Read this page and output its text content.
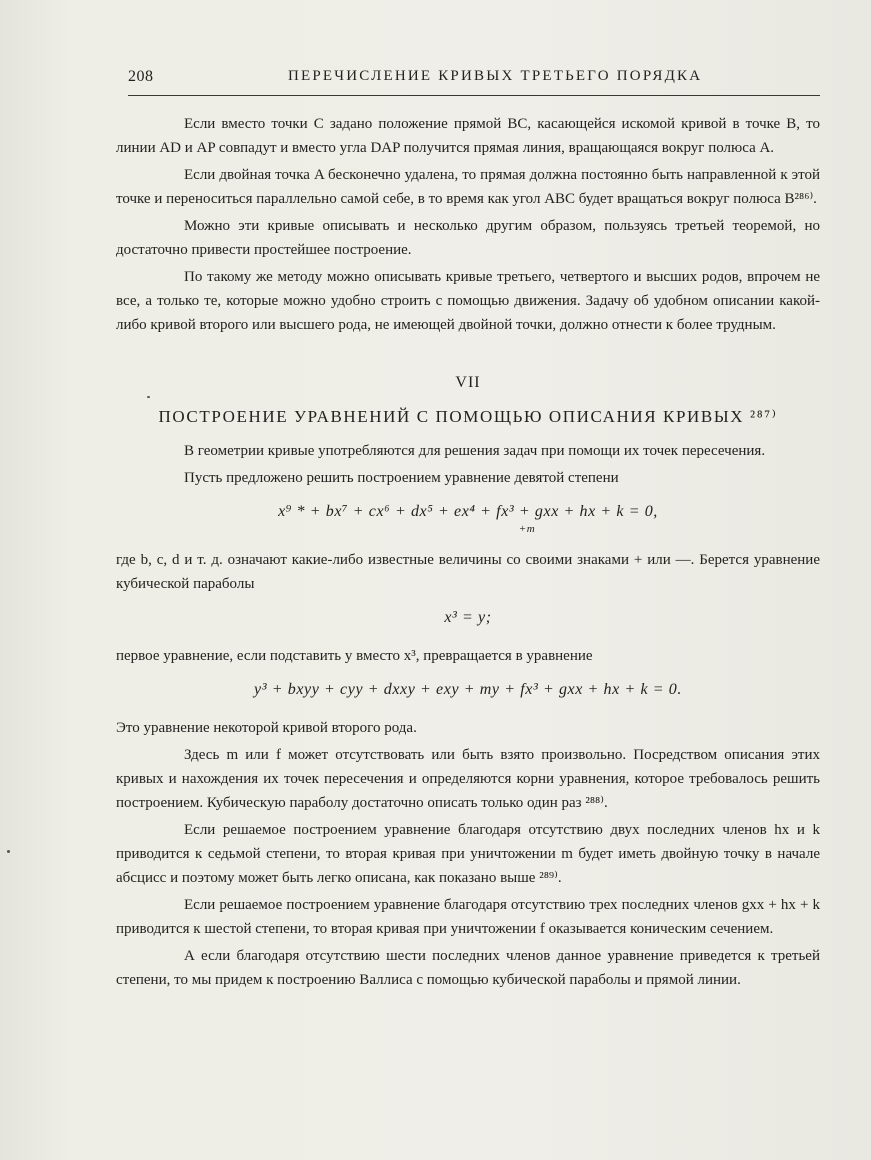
208	ПЕРЕЧИСЛЕНИЕ КРИВЫХ ТРЕТЬЕГО ПОРЯДКА

Если вместо точки C задано положение прямой BC, касающейся искомой кривой в точке B, то линии AD и AP совпадут и вместо угла DAP получится прямая линия, вращающаяся вокруг полюса A.

Если двойная точка A бесконечно удалена, то прямая должна постоянно быть направленной к этой точке и переноситься параллельно самой себе, в то время как угол ABC будет вращаться вокруг полюса B²⁸⁶⁾.

Можно эти кривые описывать и несколько другим образом, пользуясь третьей теоремой, но достаточно привести простейшее построение.

По такому же методу можно описывать кривые третьего, четвертого и высших родов, впрочем не все, а только те, которые можно удобно строить с помощью движения. Задачу об удобном описании какой-либо кривой второго или высшего рода, не имеющей двойной точки, должно отнести к более трудным.

VII
ПОСТРОЕНИЕ УРАВНЕНИЙ С ПОМОЩЬЮ ОПИСАНИЯ КРИВЫХ ²⁸⁷⁾

В геометрии кривые употребляются для решения задач при помощи их точек пересечения.

Пусть предложено решить построением уравнение девятой степени

x⁹ * + bx⁷ + cx⁶ + dx⁵ + ex⁴ + fx³ + gxx + hx + k = 0,
+m

где b, c, d и т. д. означают какие-либо известные величины со своими знаками + или —. Берется уравнение кубической параболы

x³ = y;

первое уравнение, если подставить y вместо x³, превращается в уравнение

y³ + bxyy + cyy + dxxy + exy + my + fx³ + gxx + hx + k = 0.

Это уравнение некоторой кривой второго рода.

Здесь m или f может отсутствовать или быть взято произвольно. Посредством описания этих кривых и нахождения их точек пересечения и определяются корни уравнения, которое требовалось решить построением. Кубическую параболу достаточно описать только один раз ²⁸⁸⁾.

Если решаемое построением уравнение благодаря отсутствию двух последних членов hx и k приводится к седьмой степени, то вторая кривая при уничтожении m будет иметь двойную точку в начале абсцисс и поэтому может быть легко описана, как показано выше ²⁸⁹⁾.

Если решаемое построением уравнение благодаря отсутствию трех последних членов gxx + hx + k приводится к шестой степени, то вторая кривая при уничтожении f оказывается коническим сечением.

А если благодаря отсутствию шести последних членов данное уравнение приведется к третьей степени, то мы придем к построению Валлиса с помощью кубической параболы и прямой линии.
